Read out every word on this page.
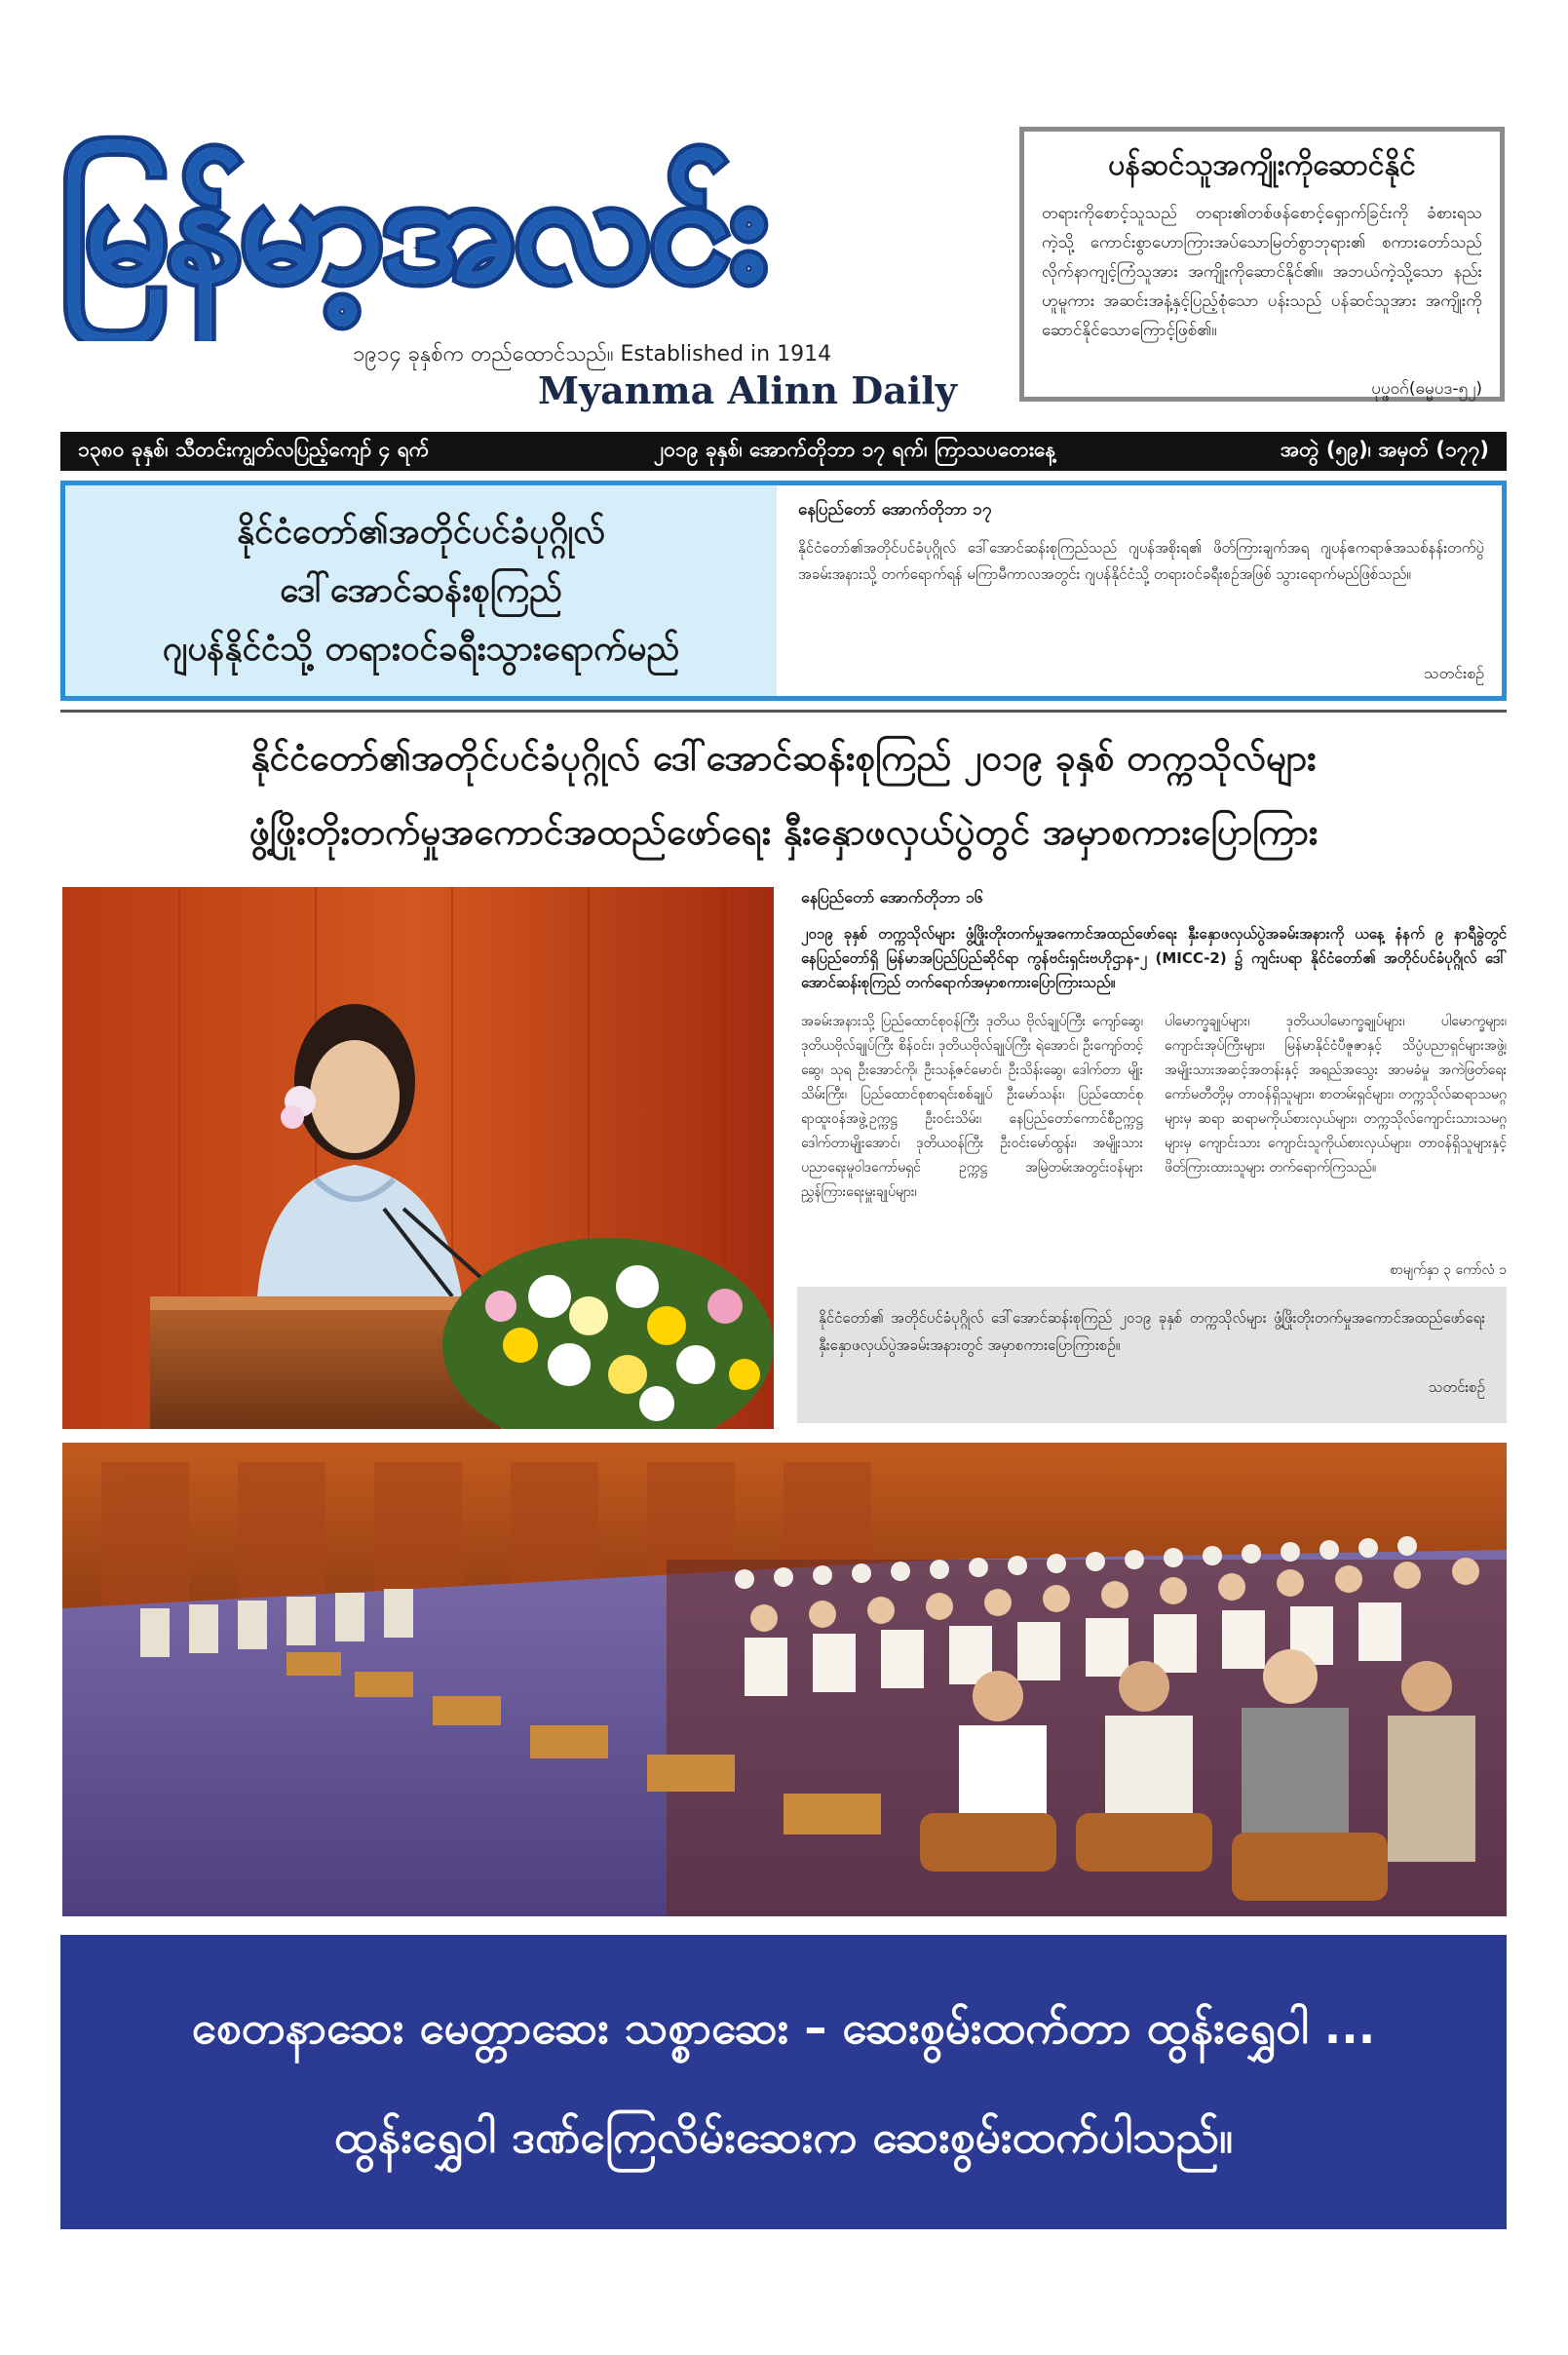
မြန်မာ့အလင်း
၁၉၁၄ ခုနှစ်က တည်ထောင်သည်။ Established in 1914
Myanma Alinn Daily
ပန်ဆင်သူအကျိုးကိုဆောင်နိုင်
တရားကိုစောင့်သူသည် တရား၏တစ်ဖန်စောင့်ရှောက်ခြင်းကို ခံစားရသကဲ့သို့ ကောင်းစွာဟောကြားအပ်သောမြတ်စွာဘုရား၏ စကားတော်သည် လိုက်နာကျင့်ကြံသူအား အကျိုးကိုဆောင်နိုင်၏။ အဘယ်ကဲ့သို့သော နည်းဟူမူကား အဆင်းအနံ့နှင့်ပြည့်စုံသော ပန်းသည် ပန်ဆင်သူအား အကျိုးကိုဆောင်နိုင်သောကြောင့်ဖြစ်၏။
ပုပ္ဖဝဂ်(ဓမ္မပဒ-၅၂)
၁၃၈၀ ခုနှစ်၊ သီတင်းကျွတ်လပြည့်ကျော် ၄ ရက်	၂၀၁၉ ခုနှစ်၊ အောက်တိုဘာ ၁၇ ရက်၊ ကြာသပတေးနေ့	အတွဲ (၅၉)၊ အမှတ် (၁၇၇)
နိုင်ငံတော်၏အတိုင်ပင်ခံပုဂ္ဂိုလ်
ဒေါ်အောင်ဆန်းစုကြည်
ဂျပန်နိုင်ငံသို့ တရားဝင်ခရီးသွားရောက်မည်
နေပြည်တော် အောက်တိုဘာ ၁၇
နိုင်ငံတော်၏အတိုင်ပင်ခံပုဂ္ဂိုလ် ဒေါ်အောင်ဆန်းစုကြည်သည် ဂျပန်အစိုးရ၏ ဖိတ်ကြားချက်အရ ဂျပန်ဧကရာဇ်အသစ်နန်းတက်ပွဲအခမ်းအနားသို့ တက်ရောက်ရန် မကြာမီကာလအတွင်း ဂျပန်နိုင်ငံသို့ တရားဝင်ခရီးစဉ်အဖြစ် သွားရောက်မည်ဖြစ်သည်။
သတင်းစဉ်
နိုင်ငံတော်၏အတိုင်ပင်ခံပုဂ္ဂိုလ် ဒေါ်အောင်ဆန်းစုကြည် ၂၀၁၉ ခုနှစ် တက္ကသိုလ်များ
ဖွံ့ဖြိုးတိုးတက်မှုအကောင်အထည်ဖော်ရေး နှီးနှောဖလှယ်ပွဲတွင် အမှာစကားပြောကြား
နေပြည်တော် အောက်တိုဘာ ၁၆
၂၀၁၉ ခုနှစ် တက္ကသိုလ်များ ဖွံ့ဖြိုးတိုးတက်မှုအကောင်အထည်ဖော်ရေး နှီးနှောဖလှယ်ပွဲအခမ်းအနားကို ယနေ့ နံနက် ၉ နာရီခွဲတွင် နေပြည်တော်ရှိ မြန်မာအပြည်ပြည်ဆိုင်ရာ ကွန်ဗင်းရှင်းဗဟိုဌာန-၂ (MICC-2) ၌ ကျင်းပရာ နိုင်ငံတော်၏ အတိုင်ပင်ခံပုဂ္ဂိုလ် ဒေါ်အောင်ဆန်းစုကြည် တက်ရောက်အမှာစကားပြောကြားသည်။
အခမ်းအနားသို့ ပြည်ထောင်စုဝန်ကြီး ဒုတိယ ဗိုလ်ချုပ်ကြီး ကျော်ဆွေ၊ ဒုတိယဗိုလ်ချုပ်ကြီး စိန်ဝင်း၊ ဒုတိယဗိုလ်ချုပ်ကြီး ရဲအောင်၊ ဦးကျော်တင့်ဆွေ၊ သုရ ဦးအောင်ကို၊ ဦးသန့်ဇင်မောင်၊ ဦးသိန်းဆွေ၊ ဒေါက်တာ မျိုးသိမ်းကြီး၊ ပြည်ထောင်စုစာရင်းစစ်ချုပ် ဦးမော်သန်း၊ ပြည်ထောင်စုရာထူးဝန်အဖွဲ့ဥက္ကဋ္ဌ ဦးဝင်းသိမ်း၊ နေပြည်တော်ကောင်စီဥက္ကဋ္ဌ ဒေါက်တာမျိုးအောင်၊ ဒုတိယဝန်ကြီး ဦးဝင်းမော်ထွန်း၊ အမျိုးသားပညာရေးမူဝါဒကော်မရှင် ဥက္ကဋ္ဌ အမြဲတမ်းအတွင်းဝန်များ ညွှန်ကြားရေးမှူးချုပ်များ၊
ပါမောက္ခချုပ်များ၊ ဒုတိယပါမောက္ခချုပ်များ၊ ပါမောက္ခများ၊ ကျောင်းအုပ်ကြီးများ၊ မြန်မာနိုင်ငံပီဇူဇာနှင့် သိပ္ပံပညာရှင်များအဖွဲ့၊ အမျိုးသားအဆင့်အတန်းနှင့် အရည်အသွေး အာမခံမှု အကဲဖြတ်ရေးကော်မတီတို့မှ တာဝန်ရှိသူများ၊ စာတမ်းရှင်များ၊ တက္ကသိုလ်ဆရာသမဂ္ဂများမှ ဆရာ ဆရာမကိုယ်စားလှယ်များ၊ တက္ကသိုလ်ကျောင်းသားသမဂ္ဂများမှ ကျောင်းသား ကျောင်းသူကိုယ်စားလှယ်များ၊ တာဝန်ရှိသူများနှင့် ဖိတ်ကြားထားသူများ တက်ရောက်ကြသည်။
စာမျက်နှာ ၃ ကော်လံ ၁
နိုင်ငံတော်၏ အတိုင်ပင်ခံပုဂ္ဂိုလ် ဒေါ်အောင်ဆန်းစုကြည် ၂၀၁၉ ခုနှစ် တက္ကသိုလ်များ ဖွံ့ဖြိုးတိုးတက်မှုအကောင်အထည်ဖော်ရေး နှီးနှောဖလှယ်ပွဲအခမ်းအနားတွင် အမှာစကားပြောကြားစဉ်။
သတင်းစဉ်
စေတနာဆေး မေတ္တာဆေး သစ္စာဆေး – ဆေးစွမ်းထက်တာ ထွန်းရွှေဝါ ...
ထွန်းရွှေဝါ ဒဏ်ကြေလိမ်းဆေးက ဆေးစွမ်းထက်ပါသည်။
